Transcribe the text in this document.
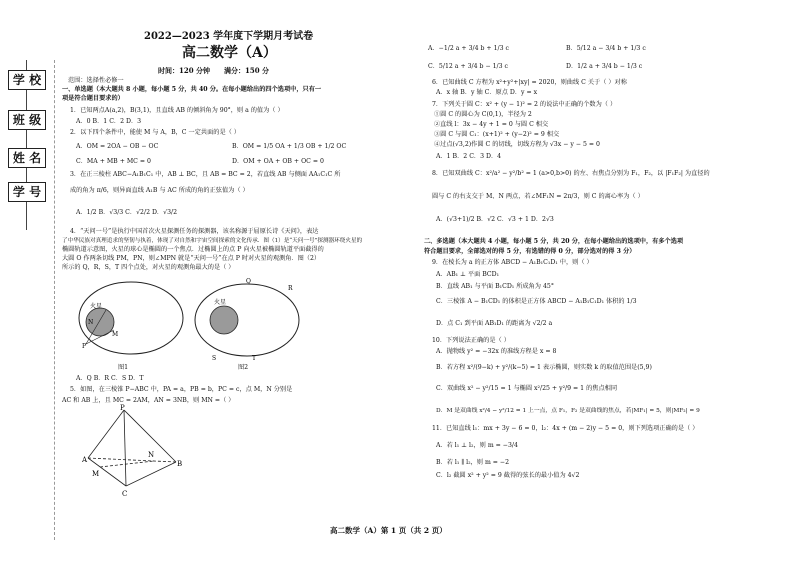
学 校
班 级
姓 名
学 号
2022—2023 学年度下学期月考试卷
高二数学（A）
时间：120 分钟 满分：150 分
范围：选择性必修一
一、单选题（本大题共 8 小题，每小题 5 分，共 40 分。在每小题给出的四个选项中，只有一
项是符合题目要求的）
1．已知两点A(a,2)，B(3,1)，且直线 AB 的倾斜角为 90°，则 a 的值为（ ）
A．0 B．1 C．2 D．3
2．以下四个条件中，能使 M 与 A，B，C 一定共面的是（ ）
A．OM = 2OA − OB − OC	B．OM = 1/5 OA + 1/3 OB + 1/2 OC
C．MA + MB + MC = 0	D．OM + OA + OB + OC = 0
3．在正三棱柱 ABC−A₁B₁C₁ 中，AB ⊥ BC，且 AB = BC = 2，若直线 AB 与侧面 AA₁C₁C 所
成的角为 π/6，则异面直线 A₁B 与 AC 所成的角的正弦值为（ ）
A．1/2 B．√3/3 C．√2/2 D．√3/2
4．“天问一号”是执行中国首次火星探测任务的探测器，该名称源于屈原长诗《天问》，表达
了中华民族对真理追求的坚韧与执着，体现了对自然和宇宙空间探索的文化传承．图（1）是“天问一号”探测器环绕火星的
椭圆轨道示意图，火星的球心是椭圆的一个焦点．过椭圆上的点 P 向火星被椭圆轨道平面截得的
大圆 O 作两条切线 PM，PN，则∠MPN 就是“天问一号”在点 P 时对火星的观测角．图（2）
所示的 Q，R，S，T 四个点处，对火星的观测角最大的是（ ）
火星
P
N
M
图1
火星
Q
R
S	T
图2
A．Q B．R C．S D．T
5．如图，在三棱锥 P−ABC 中，PA = a，PB = b，PC = c，点 M，N 分别是
AC 和 AB 上，且 MC = 2AM，AN = 3NB，则 MN =（ ）
P
A
C
B
M
N
A．−1/2 a + 3/4 b + 1/3 c	B．5/12 a − 3/4 b + 1/3 c
C．5/12 a + 3/4 b − 1/3 c	D．1/2 a + 3/4 b − 1/3 c
6．已知曲线 C 方程为 x²+y²+|xy| = 2020，则曲线 C 关于（ ）对称
A．x 轴 B．y 轴 C．原点 D．y = x
7．下列关于圆 C：x² + (y − 1)² = 2 的说法中正确的个数为（ ）
①圆 C 的圆心为 C(0,1)，半径为 2
②直线 l：3x − 4y + 1 = 0 与圆 C 相交
③圆 C 与圆 C₁：(x+1)² + (y−2)² = 9 相交
④过点(√3,2)作圆 C 的切线，切线方程为 √3x − y − 5 = 0
A．1 B．2 C．3 D．4
8．已知双曲线 C：x²/a² − y²/b² = 1 (a>0,b>0) 的左、右焦点分别为 F₁，F₂，以 |F₁F₂| 为直径的
圆与 C 的右支交于 M、N 两点，若∠MF₁N = 2π/3，则 C 的离心率为（ ）
A．(√3+1)/2 B．√2 C．√3 + 1 D．2√3
二、多选题（本大题共 4 小题，每小题 5 分，共 20 分，在每小题给出的选项中，有多个选项
符合题目要求，全部选对的得 5 分，有选错的得 0 分，部分选对的得 3 分）
9．在棱长为 a 的正方体 ABCD − A₁B₁C₁D₁ 中，则（ ）
A．AB₁ ⊥ 平面 BCD₁
B．直线 AB₁ 与平面 B₁CD₁ 所成角为 45°
C．三棱锥 A − B₁CD₁ 的体积是正方体 ABCD − A₁B₁C₁D₁ 体积的 1/3
D．点 C₁ 到平面 AB₁D₁ 的距离为 √2/2 a
10．下列说法正确的是（ ）
A．抛物线 y² = −32x 的准线方程是 x = 8
B．若方程 x²/(9−k) + y²/(k−5) = 1 表示椭圆，则实数 k 的取值范围是(5,9)
C．双曲线 x² − y²/15 = 1 与椭圆 x²/25 + y²/9 = 1 的焦点相同
D．M 是双曲线 x²/4 − y²/12 = 1 上一点，点 F₁，F₂ 是双曲线的焦点，若|MF₁| = 5，则|MF₂| = 9
11．已知直线 l₁：mx + 3y − 6 = 0，l₂：4x + (m − 2)y − 5 = 0，则下列选项正确的是（ ）
A．若 l₁ ⊥ l₂，则 m = −3/4
B．若 l₁ ∥ l₂，则 m = −2
C．l₂ 截圆 x² + y² = 9 截得的弦长的最小值为 4√2
高二数学（A）第 1 页（共 2 页）
